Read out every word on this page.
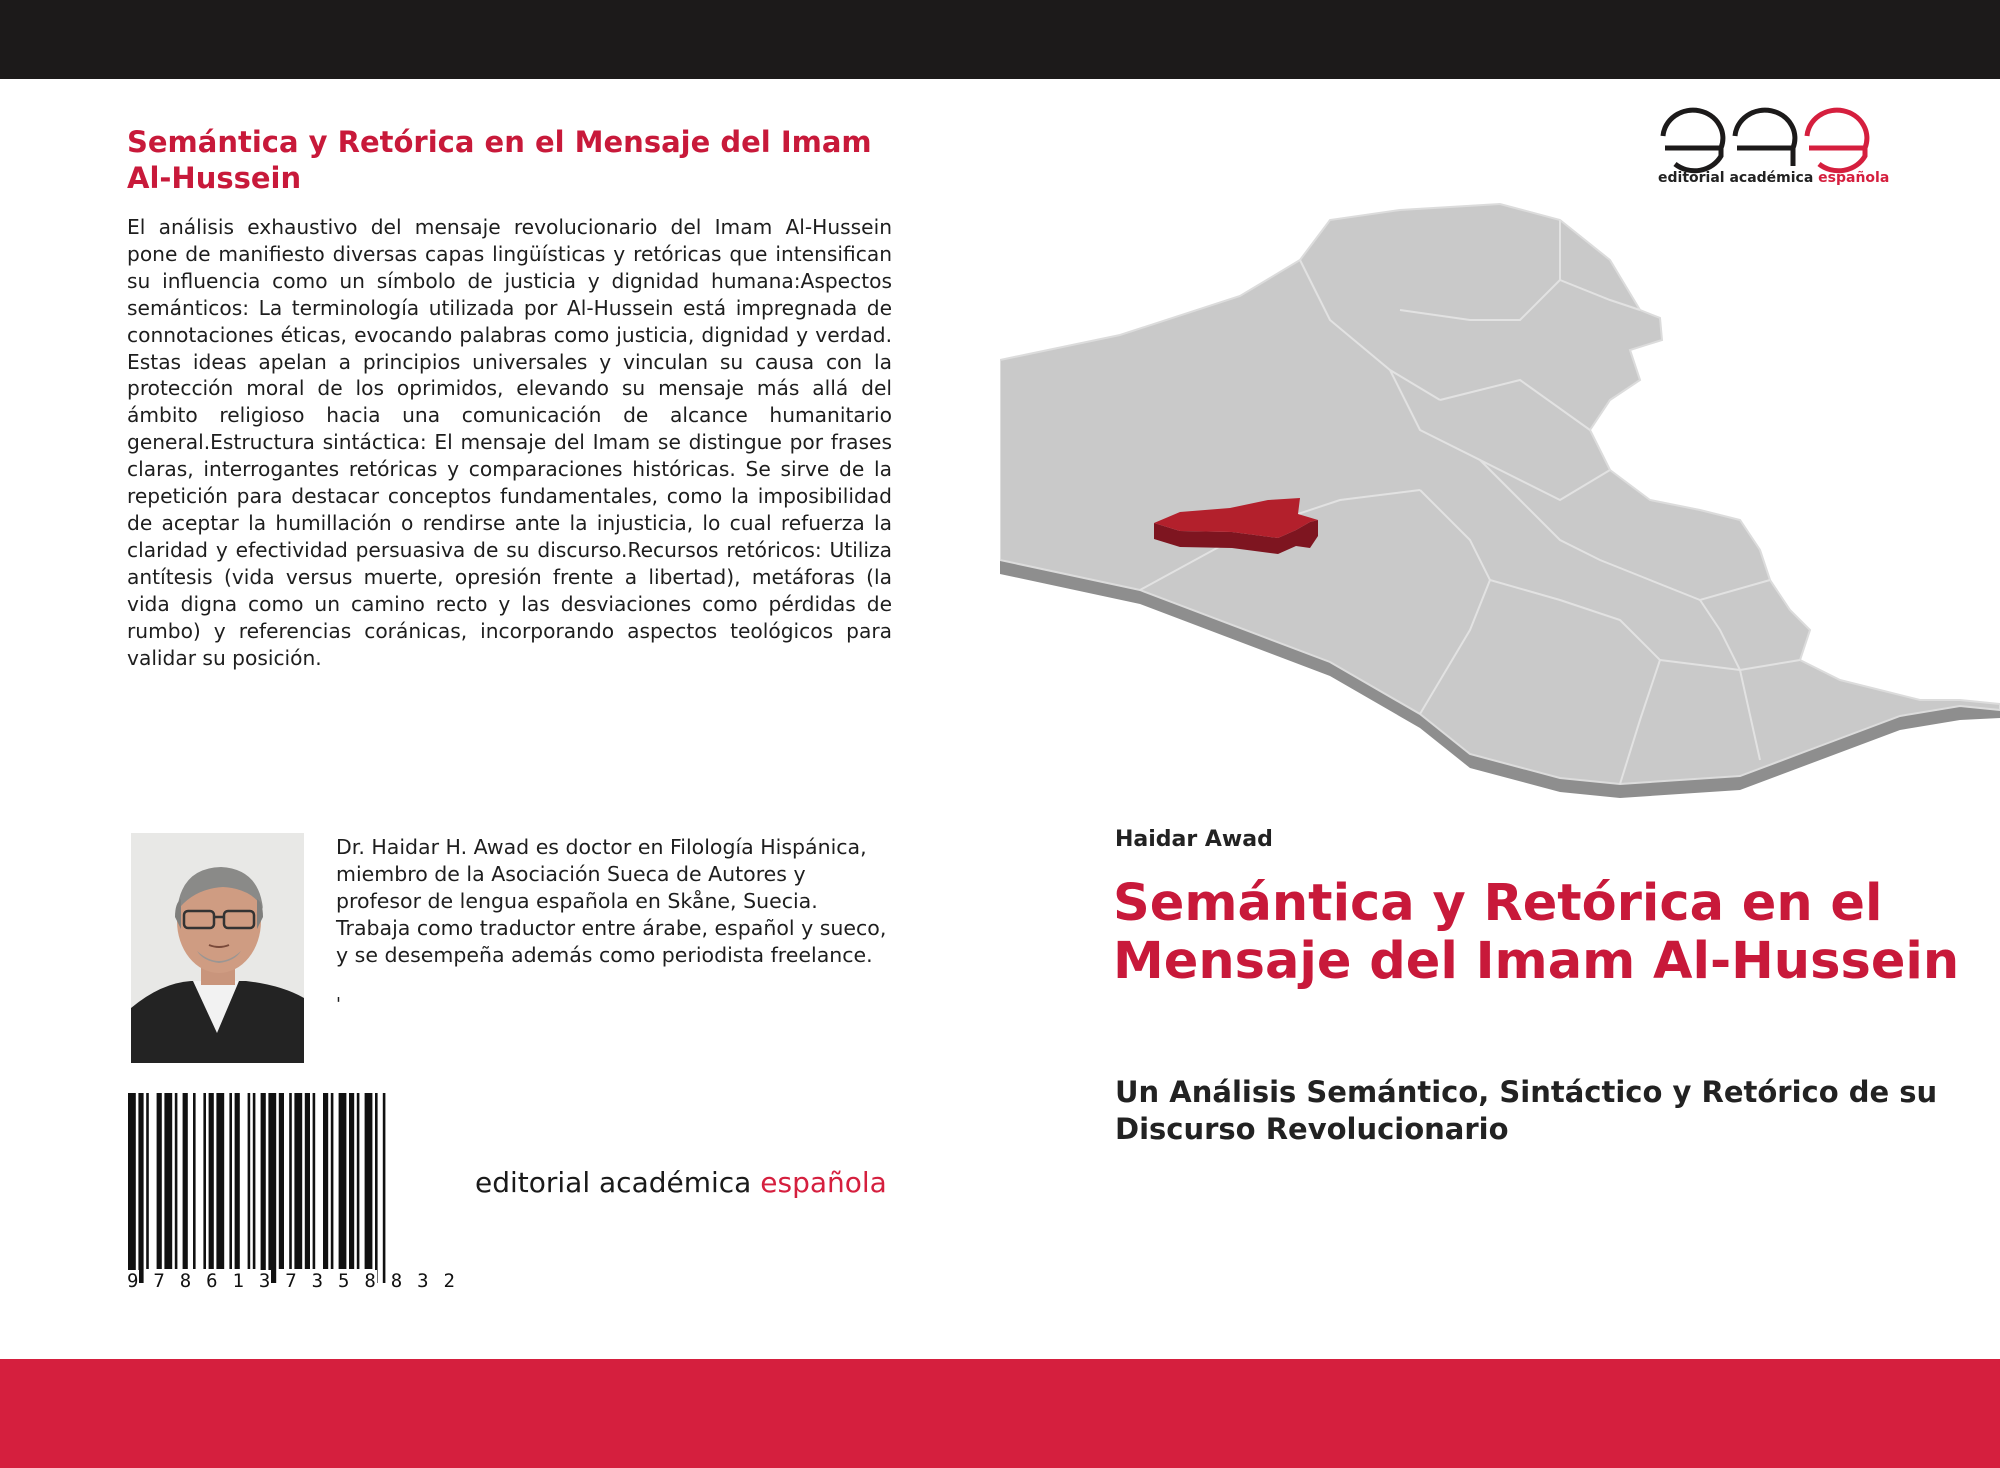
Semántica y Retórica en el Mensaje del Imam Al-Hussein

El análisis exhaustivo del mensaje revolucionario del Imam Al-Hussein pone de manifiesto diversas capas lingüísticas y retóricas que intensifican su influencia como un símbolo de justicia y dignidad humana:Aspectos semánticos: La terminología utilizada por Al-Hussein está impregnada de connotaciones éticas, evocando palabras como justicia, dignidad y verdad. Estas ideas apelan a principios universales y vinculan su causa con la protección moral de los oprimidos, elevando su mensaje más allá del ámbito religioso hacia una comunicación de alcance humanitario general.Estructura sintáctica: El mensaje del Imam se distingue por frases claras, interrogantes retóricas y comparaciones históricas. Se sirve de la repetición para destacar conceptos fundamentales, como la imposibilidad de aceptar la humillación o rendirse ante la injusticia, lo cual refuerza la claridad y efectividad persuasiva de su discurso.Recursos retóricos: Utiliza antítesis (vida versus muerte, opresión frente a libertad), metáforas (la vida digna como un camino recto y las desviaciones como pérdidas de rumbo) y referencias coránicas, incorporando aspectos teológicos para validar su posición.

Dr. Haidar H. Awad es doctor en Filología Hispánica, miembro de la Asociación Sueca de Autores y profesor de lengua española en Skåne, Suecia. Trabaja como traductor entre árabe, español y sueco, y se desempeña además como periodista freelance.

'
9 7 8 6 1 3 7 3 5 8 8 3 2
editorial académica española
editorial académica española
Haidar Awad
Semántica y Retórica en el Mensaje del Imam Al-Hussein
Un Análisis Semántico, Sintáctico y Retórico de su Discurso Revolucionario
